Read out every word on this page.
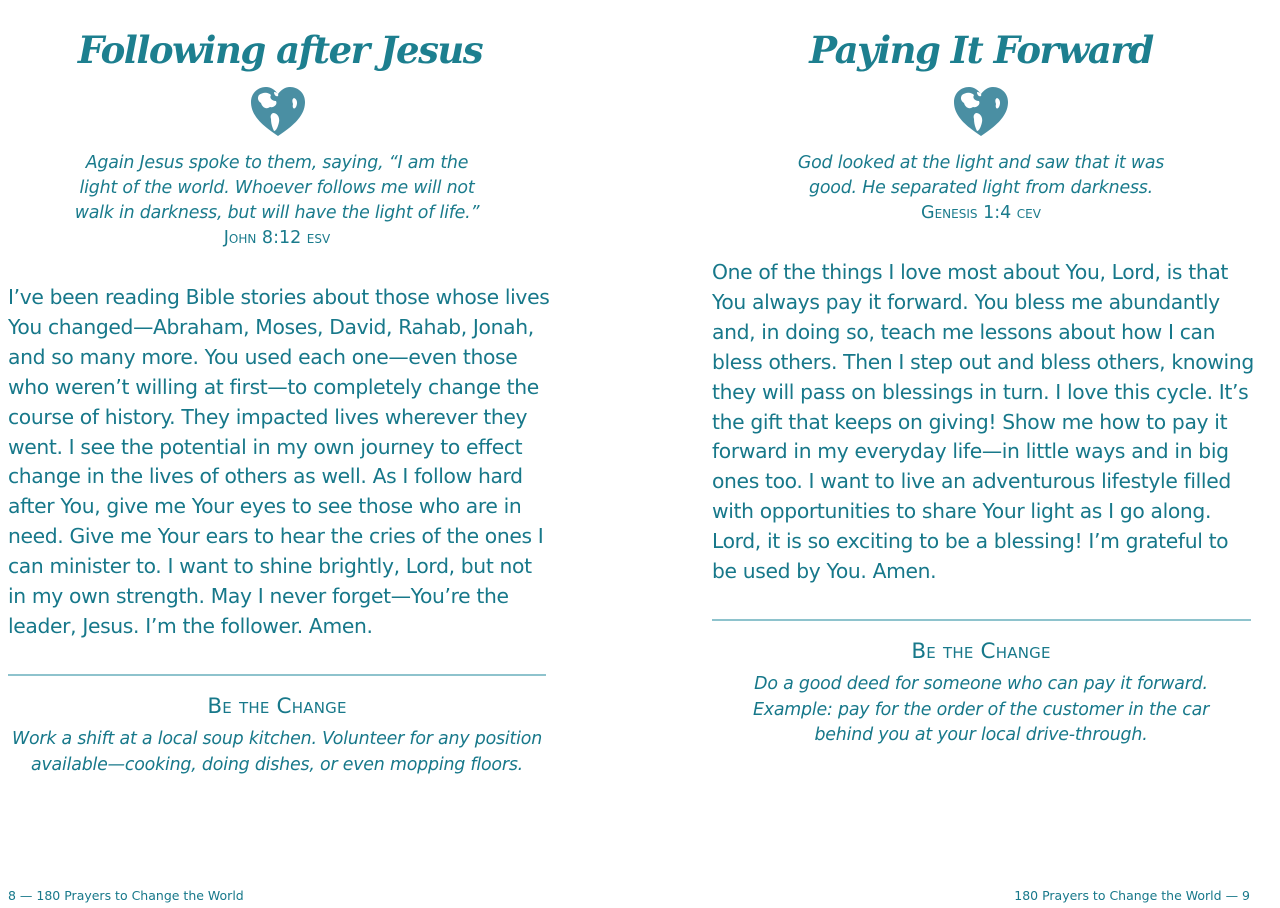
Following after Jesus
Again Jesus spoke to them, saying, “I am the
light of the world. Whoever follows me will not
walk in darkness, but will have the light of life.”
John 8:12 esv
I’ve been reading Bible stories about those whose lives
You changed—Abraham, Moses, David, Rahab, Jonah,
and so many more. You used each one—even those
who weren’t willing at first—to completely change the
course of history. They impacted lives wherever they
went. I see the potential in my own journey to effect
change in the lives of others as well. As I follow hard
after You, give me Your eyes to see those who are in
need. Give me Your ears to hear the cries of the ones I
can minister to. I want to shine brightly, Lord, but not
in my own strength. May I never forget—You’re the
leader, Jesus. I’m the follower. Amen.
Be the Change
Work a shift at a local soup kitchen. Volunteer for any position
available—cooking, doing dishes, or even mopping floors.
8 — 180 Prayers to Change the World
Paying It Forward
God looked at the light and saw that it was
good. He separated light from darkness.
Genesis 1:4 cev
One of the things I love most about You, Lord, is that
You always pay it forward. You bless me abundantly
and, in doing so, teach me lessons about how I can
bless others. Then I step out and bless others, knowing
they will pass on blessings in turn. I love this cycle. It’s
the gift that keeps on giving! Show me how to pay it
forward in my everyday life—in little ways and in big
ones too. I want to live an adventurous lifestyle filled
with opportunities to share Your light as I go along.
Lord, it is so exciting to be a blessing! I’m grateful to
be used by You. Amen.
Be the Change
Do a good deed for someone who can pay it forward.
Example: pay for the order of the customer in the car
behind you at your local drive-through.
180 Prayers to Change the World — 9
